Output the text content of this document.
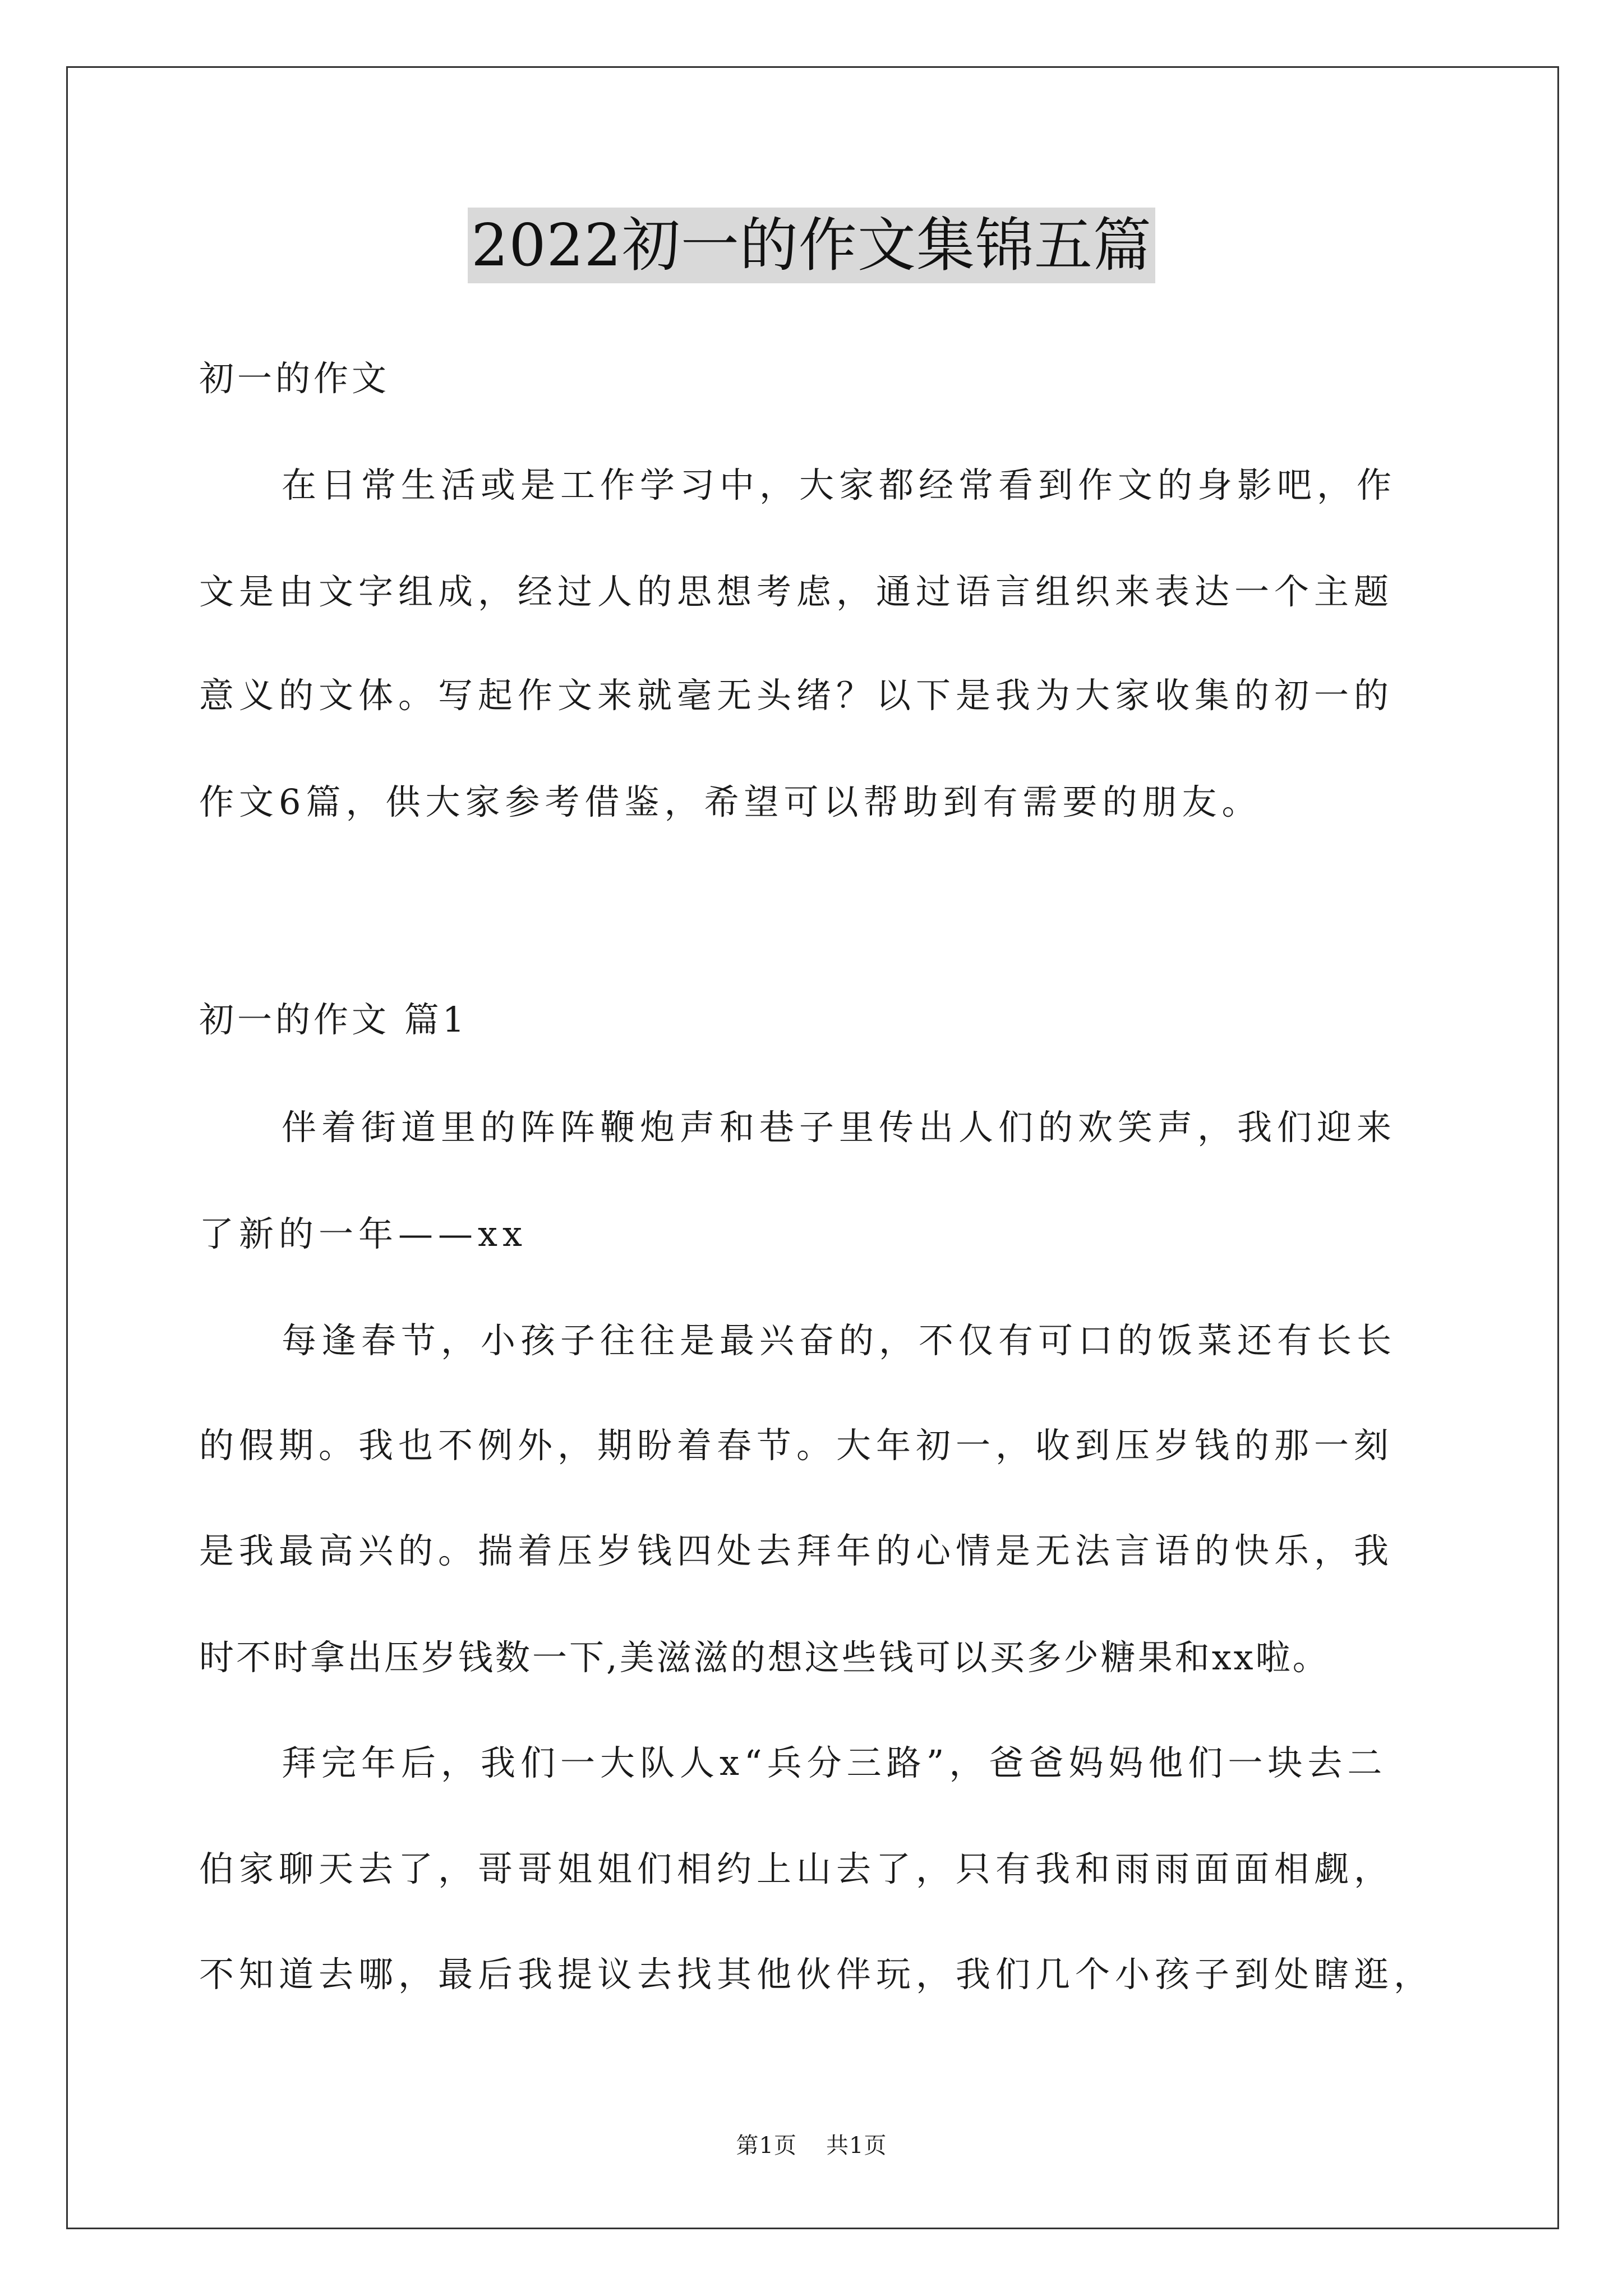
2022初一的作文集锦五篇
初一的作文
在日常生活或是工作学习中，大家都经常看到作文的身影吧，作
文是由文字组成，经过人的思想考虑，通过语言组织来表达一个主题
意义的文体。写起作文来就毫无头绪？以下是我为大家收集的初一的
作文6篇，供大家参考借鉴，希望可以帮助到有需要的朋友。
初一的作文 篇1
伴着街道里的阵阵鞭炮声和巷子里传出人们的欢笑声，我们迎来
了新的一年——xx
每逢春节，小孩子往往是最兴奋的，不仅有可口的饭菜还有长长
的假期。我也不例外，期盼着春节。大年初一，收到压岁钱的那一刻
是我最高兴的。揣着压岁钱四处去拜年的心情是无法言语的快乐，我
时不时拿出压岁钱数一下,美滋滋的想这些钱可以买多少糖果和xx啦。
拜完年后，我们一大队人x“兵分三路”，爸爸妈妈他们一块去二
伯家聊天去了，哥哥姐姐们相约上山去了，只有我和雨雨面面相觑，
不知道去哪，最后我提议去找其他伙伴玩，我们几个小孩子到处瞎逛，
第1页 共1页
